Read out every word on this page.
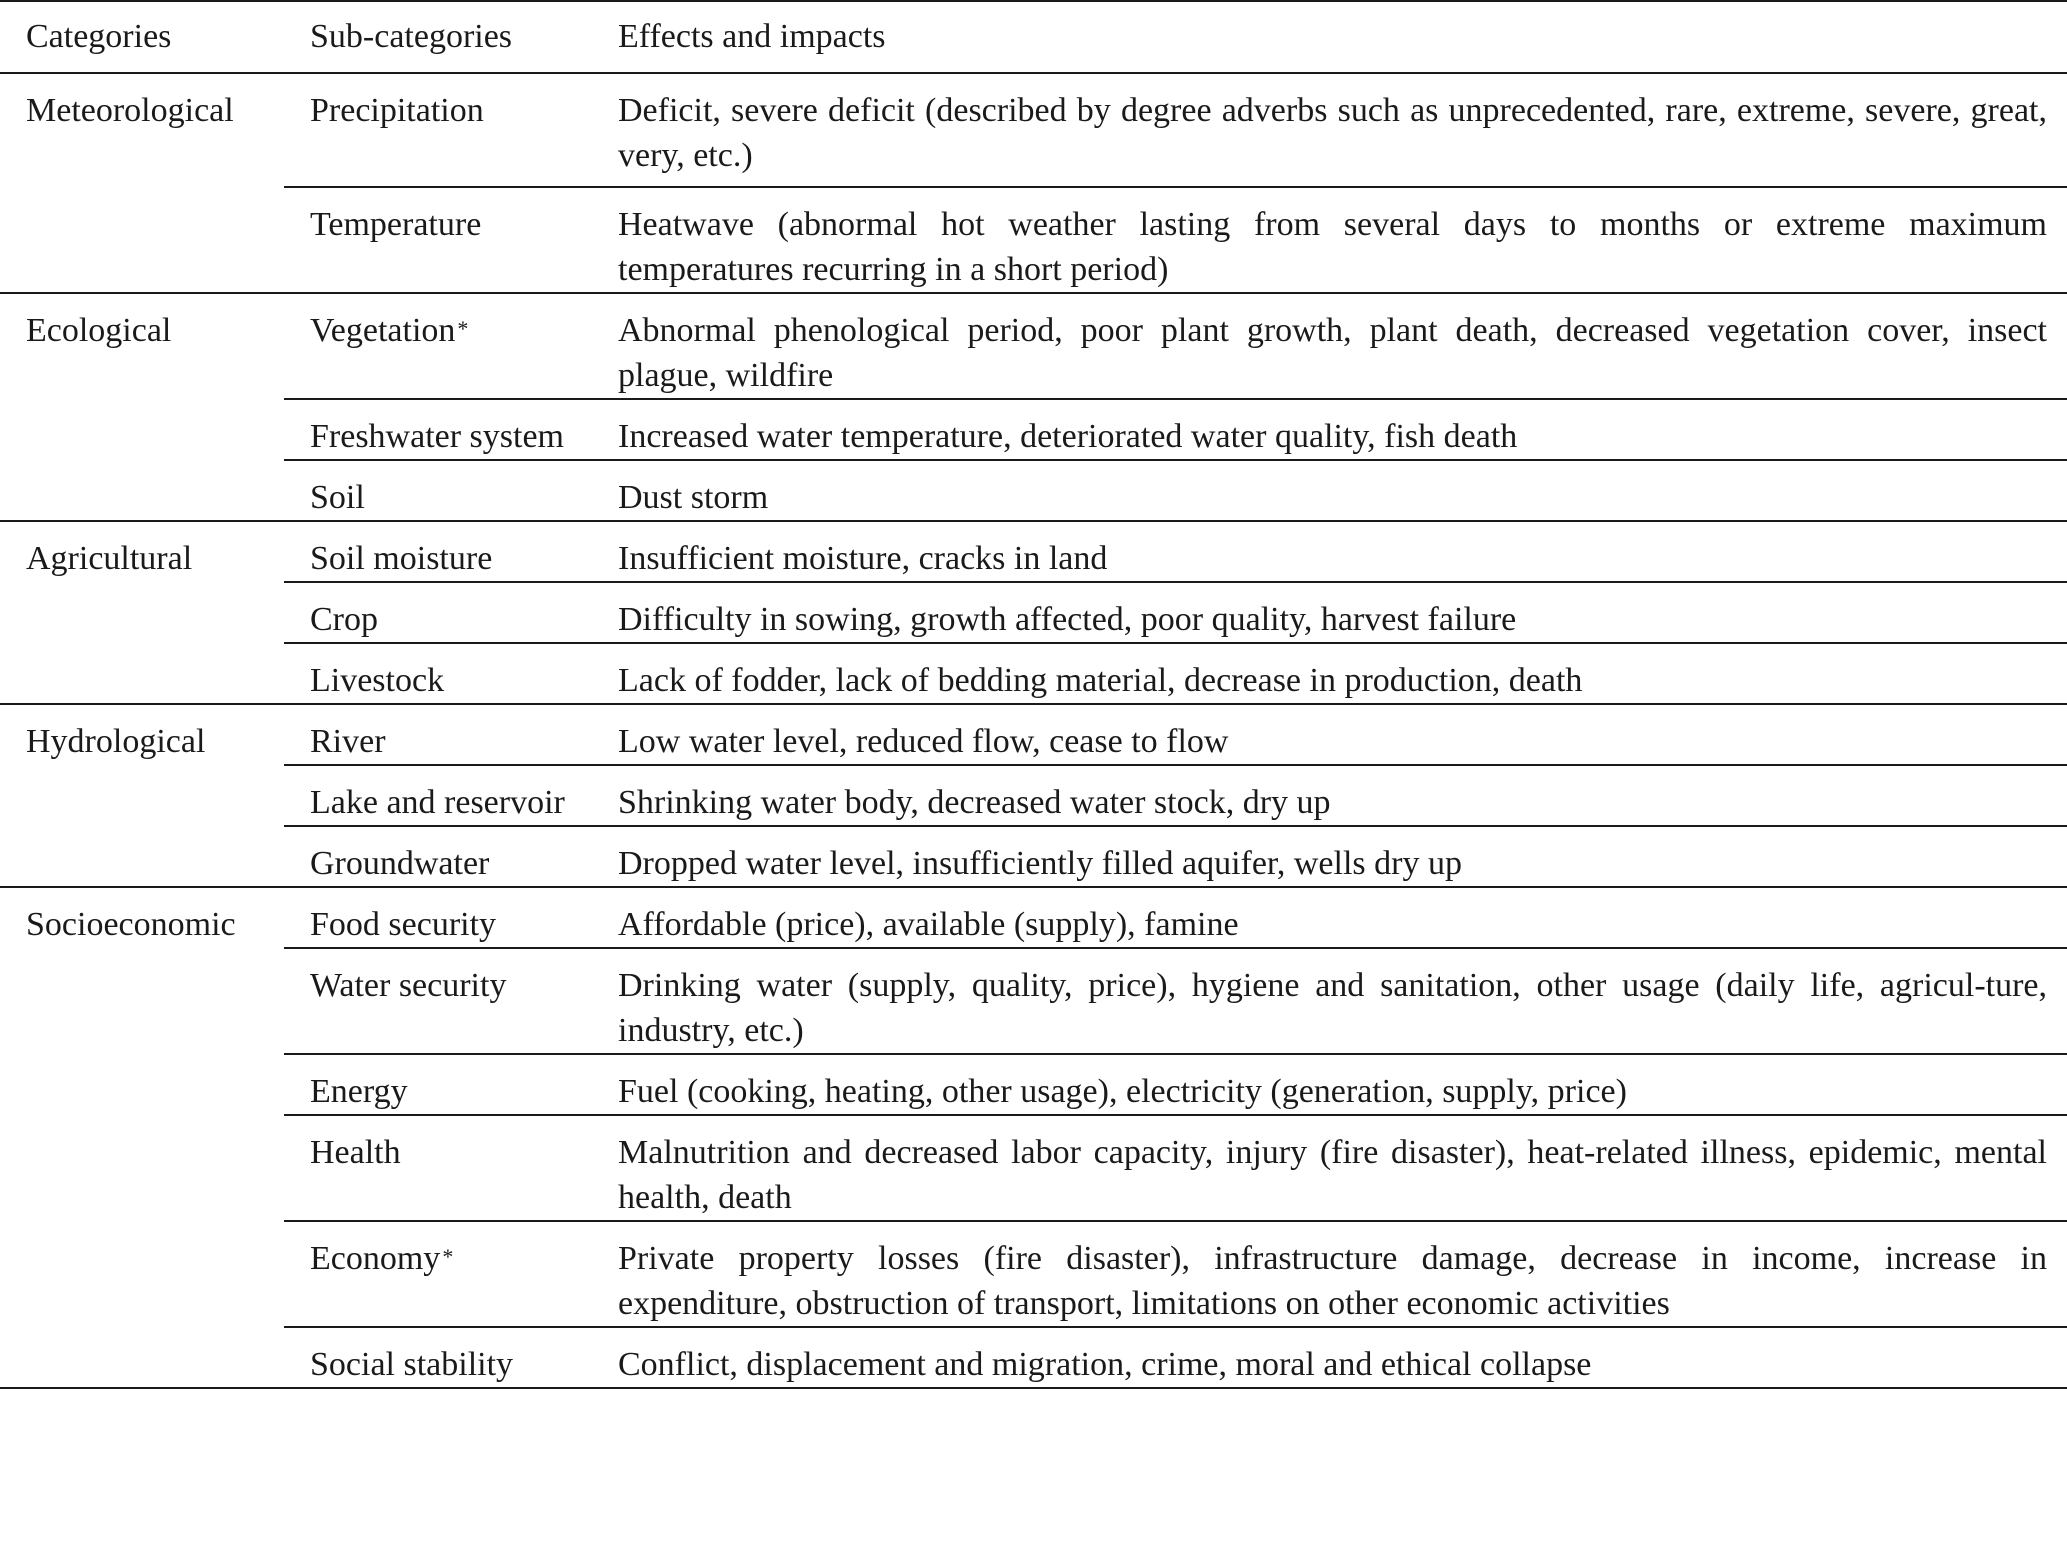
Categories	Sub-categories	Effects and impacts
Meteorological	Precipitation	Deficit, severe deficit (described by degree adverbs such as unprecedented, rare, extreme, severe, great, very, etc.)
	Temperature	Heatwave (abnormal hot weather lasting from several days to months or extreme maximum temperatures recurring in a short period)
Ecological	Vegetation*	Abnormal phenological period, poor plant growth, plant death, decreased vegetation cover, insect plague, wildfire
	Freshwater system	Increased water temperature, deteriorated water quality, fish death
	Soil	Dust storm
Agricultural	Soil moisture	Insufficient moisture, cracks in land
	Crop	Difficulty in sowing, growth affected, poor quality, harvest failure
	Livestock	Lack of fodder, lack of bedding material, decrease in production, death
Hydrological	River	Low water level, reduced flow, cease to flow
	Lake and reservoir	Shrinking water body, decreased water stock, dry up
	Groundwater	Dropped water level, insufficiently filled aquifer, wells dry up
Socioeconomic	Food security	Affordable (price), available (supply), famine
	Water security	Drinking water (supply, quality, price), hygiene and sanitation, other usage (daily life, agricul-ture, industry, etc.)
	Energy	Fuel (cooking, heating, other usage), electricity (generation, supply, price)
	Health	Malnutrition and decreased labor capacity, injury (fire disaster), heat-related illness, epidemic, mental health, death
	Economy*	Private property losses (fire disaster), infrastructure damage, decrease in income, increase in expenditure, obstruction of transport, limitations on other economic activities
	Social stability	Conflict, displacement and migration, crime, moral and ethical collapse
